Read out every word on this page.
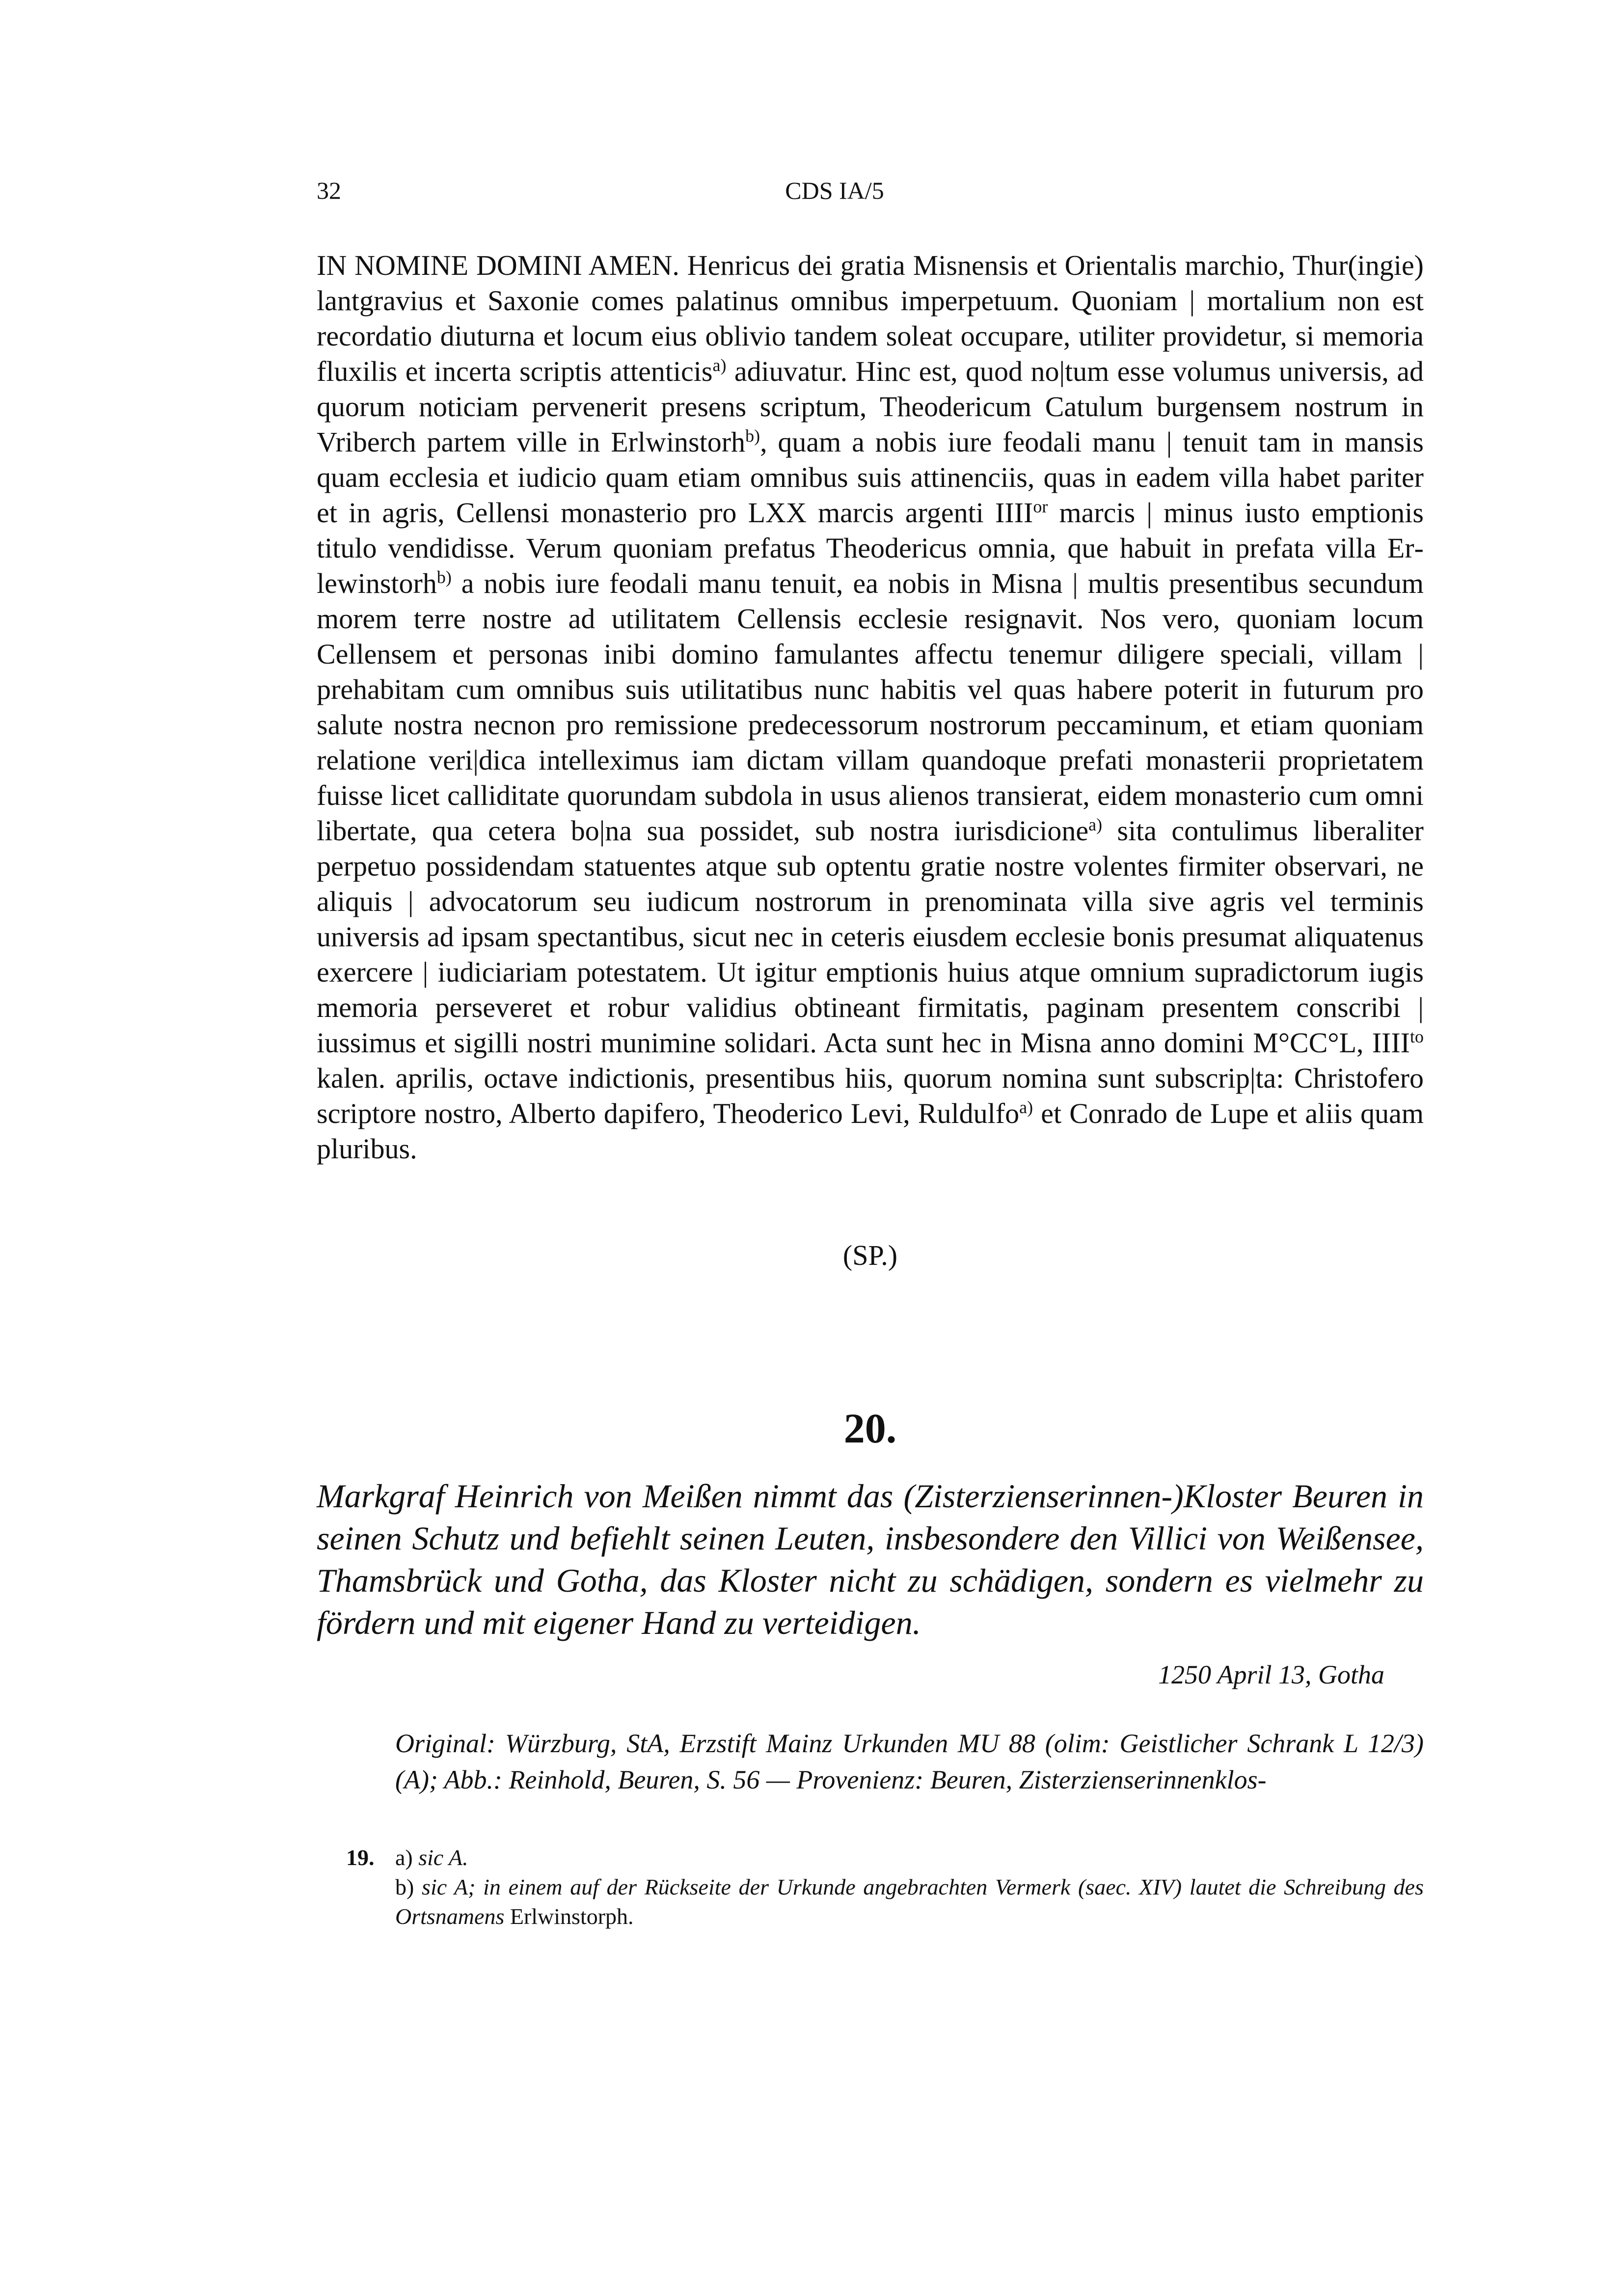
32	CDS IA/5

IN NOMINE DOMINI AMEN. Henricus dei gratia Misnensis et Orientalis marchio, Thur(ingie) lantgravius et Saxonie comes palatinus omnibus imperpetuum. Quoniam | mortalium non est recordatio diuturna et locum eius oblivio tandem soleat occupare, utiliter providetur, si memoria fluxilis et incerta scriptis attenticis$^{a)}$ adiuvatur. Hinc est, quod no|tum esse volumus universis, ad quorum noticiam pervenerit presens scriptum, Theodericum Catulum burgensem nostrum in Vriberch partem ville in Erlwinstorh$^{b)}$, quam a nobis iure feodali manu | tenuit tam in mansis quam ecclesia et iudicio quam etiam omnibus suis attinenciis, quas in eadem villa habet pariter et in agris, Cellensi monasterio pro LXX marcis argenti $IIII^{or}$ marcis | minus iusto emptionis titulo vendidisse. Verum quoniam prefatus Theodericus omnia, que habuit in prefata villa Erlewinstorh$^{b)}$ a nobis iure feodali manu tenuit, ea nobis in Misna | multis presentibus secundum morem terre nostre ad utilitatem Cellensis ecclesie resignavit. Nos vero, quoniam locum Cellensem et personas inibi domino famulantes affectu tenemur diligere speciali, villam | prehabitam cum omnibus suis utilitatibus nunc habitis vel quas habere poterit in futurum pro salute nostra necnon pro remissione predecessorum nostrorum peccaminum, et etiam quoniam relatione veri|dica intelleximus iam dictam villam quandoque prefati monasterii proprietatem fuisse licet calliditate quorundam subdola in usus alienos transierat, eidem monasterio cum omni libertate, qua cetera bo|na sua possidet, sub nostra iurisdicione$^{a)}$ sita contulimus liberaliter perpetuo possidendam statuentes atque sub optentu gratie nostre volentes firmiter observari, ne aliquis | advocatorum seu iudicum nostrorum in prenominata villa sive agris vel terminis universis ad ipsam spectantibus, sicut nec in ceteris eiusdem ecclesie bonis presumat aliquatenus exercere | iudiciariam potestatem. Ut igitur emptionis huius atque omnium supradictorum iugis memoria perseveret et robur validius obtineant firmitatis, paginam presentem conscribi | iussimus et sigilli nostri munimine solidari. Acta sunt hec in Misna anno domini M°CC°L, $IIII^{to}$ kalen. aprilis, octave indictionis, presentibus hiis, quorum nomina sunt subscrip|ta: Christofero scriptore nostro, Alberto dapifero, Theoderico Levi, Ruldulfo$^{a)}$ et Conrado de Lupe et aliis quam pluribus.

(SP.)
20.
Markgraf Heinrich von Meißen nimmt das (Zisterzienserinnen-)Kloster Beuren in seinen Schutz und befiehlt seinen Leuten, insbesondere den Villici von Weißensee, Thamsbrück und Gotha, das Kloster nicht zu schädigen, sondern es vielmehr zu fördern und mit eigener Hand zu verteidigen.
1250 April 13, Gotha
Original: Würzburg, StA, Erzstift Mainz Urkunden MU 88 (olim: Geistlicher Schrank L 12/3) (A); Abb.: Reinhold, Beuren, S. 56 — Provenienz: Beuren, Zisterzienserinnenklos-
19. a) sic A.
b) sic A; in einem auf der Rückseite der Urkunde angebrachten Vermerk (saec. XIV) lautet die Schreibung des Ortsnamens Erlwinstorph.
